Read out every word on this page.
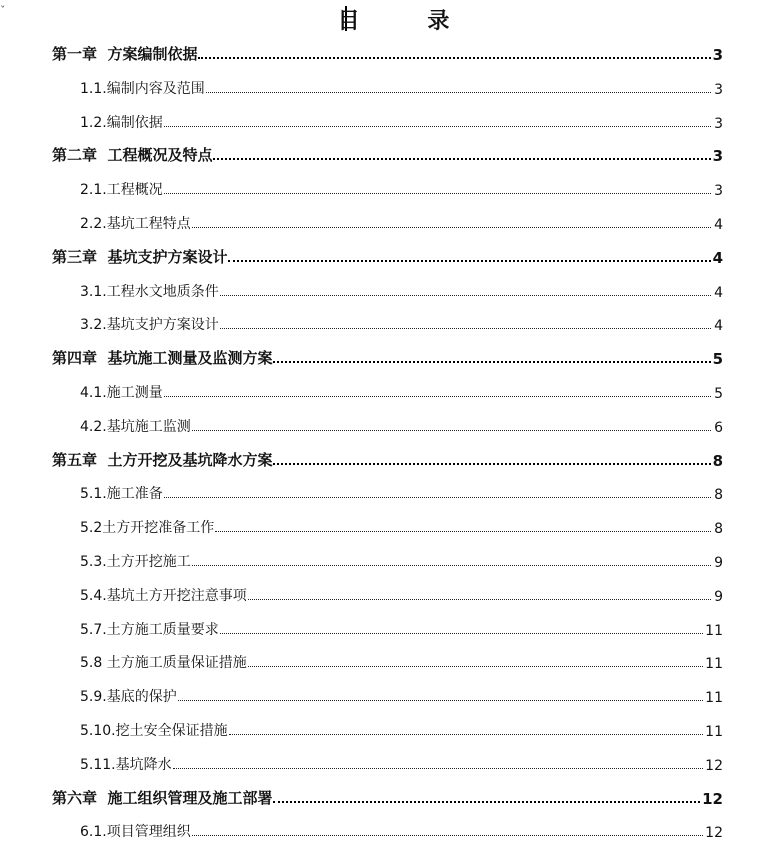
ˇ	目 录
第一章  方案编制依据	3
1.1.编制内容及范围	3
1.2.编制依据	3
第二章  工程概况及特点	3
2.1.工程概况	3
2.2.基坑工程特点	4
第三章  基坑支护方案设计	4
3.1.工程水文地质条件	4
3.2.基坑支护方案设计	4
第四章  基坑施工测量及监测方案	5
4.1.施工测量	5
4.2.基坑施工监测	6
第五章  土方开挖及基坑降水方案	8
5.1.施工准备	8
5.2土方开挖准备工作	8
5.3.土方开挖施工	9
5.4.基坑土方开挖注意事项	9
5.7.土方施工质量要求	11
5.8 土方施工质量保证措施	11
5.9.基底的保护	11
5.10.挖土安全保证措施	11
5.11.基坑降水	12
第六章  施工组织管理及施工部署	12
6.1.项目管理组织	12
